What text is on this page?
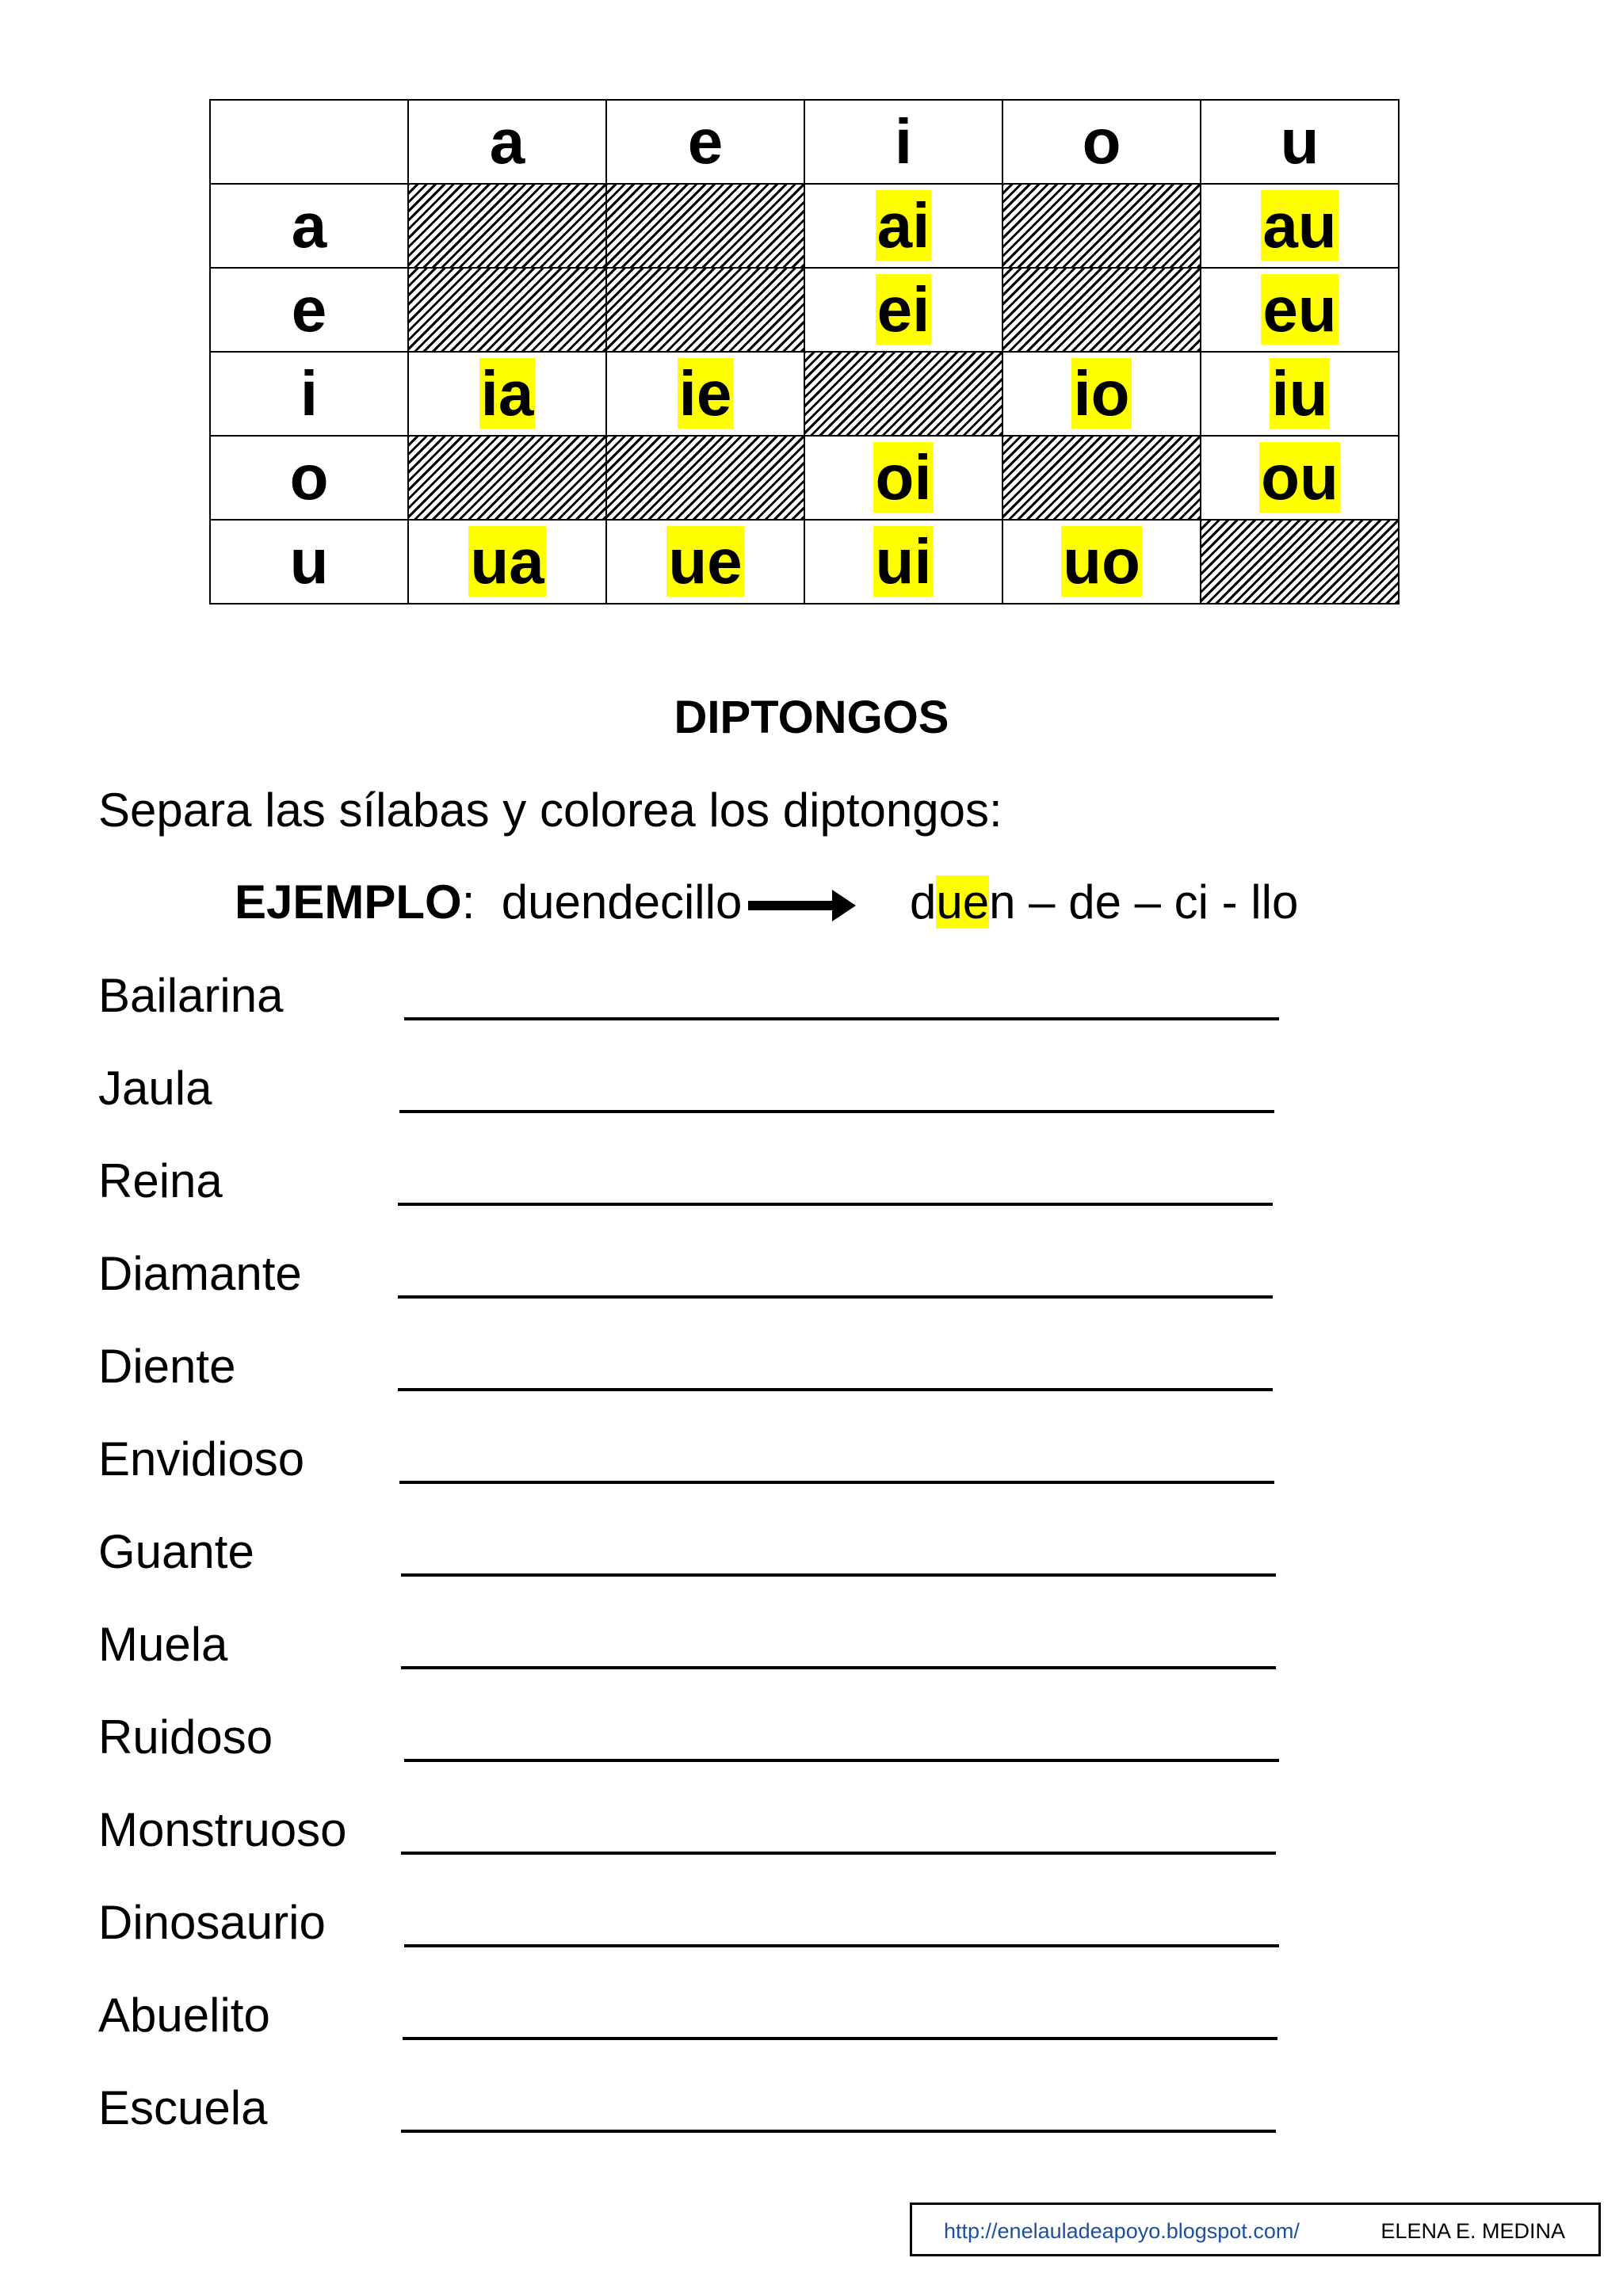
	a	e	i	o	u
a			ai		au
e			ei		eu
i	ia	ie		io	iu
o			oi		ou
u	ua	ue	ui	uo	
DIPTONGOS
Separa las sílabas y colorea los diptongos:
EJEMPLO: duendecillo	duen – de – ci - llo
Bailarina
Jaula
Reina
Diamante
Diente
Envidioso
Guante
Muela
Ruidoso
Monstruoso
Dinosaurio
Abuelito
Escuela
http://enelauladeapoyo.blogspot.com/	ELENA E. MEDINA
